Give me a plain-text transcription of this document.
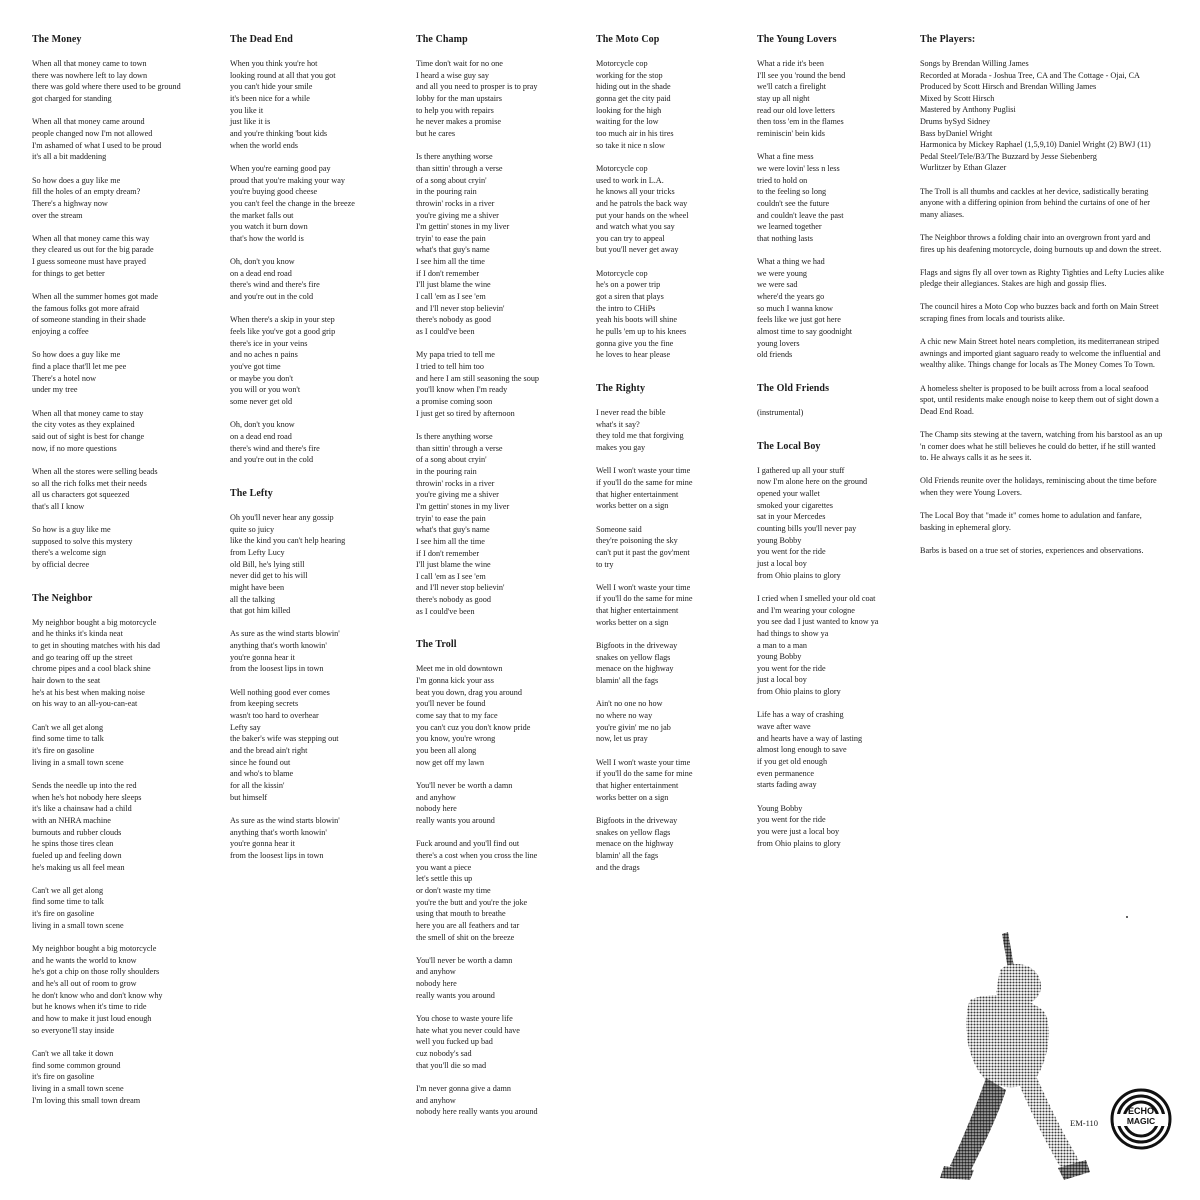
The Money
When all that money came to town
there was nowhere left to lay down
there was gold where there used to be ground
got charged for standing
When all that money came around
people changed now I'm not allowed
I'm ashamed of what I used to be proud
it's all a bit maddening
So how does a guy like me
fill the holes of an empty dream?
There's a highway now
over the stream
When all that money came this way
they cleared us out for the big parade
I guess someone must have prayed
for things to get better
When all the summer homes got made
the famous folks got more afraid
of someone standing in their shade
enjoying a coffee
So how does a guy like me
find a place that'll let me pee
There's a hotel now
under my tree
When all that money came to stay
the city votes as they explained
said out of sight is best for change
now, if no more questions
When all the stores were selling beads
so all the rich folks met their needs
all us characters got squeezed
that's all I know
So how is a guy like me
supposed to solve this mystery
there's a welcome sign
by official decree
The Neighbor
My neighbor bought a big motorcycle
and he thinks it's kinda neat
to get in shouting matches with his dad
and go tearing off up the street
chrome pipes and a cool black shine
hair down to the seat
he's at his best when making noise
on his way to an all-you-can-eat
Can't we all get along
find some time to talk
it's fire on gasoline
living in a small town scene
Sends the needle up into the red
when he's hot nobody here sleeps
it's like a chainsaw had a child
with an NHRA machine
burnouts and rubber clouds
he spins those tires clean
fueled up and feeling down
he's making us all feel mean
Can't we all get along
find some time to talk
it's fire on gasoline
living in a small town scene
My neighbor bought a big motorcycle
and he wants the world to know
he's got a chip on those rolly shoulders
and he's all out of room to grow
he don't know who and don't know why
but he knows when it's time to ride
and how to make it just loud enough
so everyone'll stay inside
Can't we all take it down
find some common ground
it's fire on gasoline
living in a small town scene
I'm loving this small town dream
The Dead End
When you think you're hot
looking round at all that you got
you can't hide your smile
it's been nice for a while
you like it
just like it is
and you're thinking 'bout kids
when the world ends
When you're earning good pay
proud that you're making your way
you're buying good cheese
you can't feel the change in the breeze
the market falls out
you watch it burn down
that's how the world is
Oh, don't you know
on a dead end road
there's wind and there's fire
and you're out in the cold
When there's a skip in your step
feels like you've got a good grip
there's ice in your veins
and no aches n pains
you've got time
or maybe you don't
you will or you won't
some never get old
Oh, don't you know
on a dead end road
there's wind and there's fire
and you're out in the cold
The Lefty
Oh you'll never hear any gossip
quite so juicy
like the kind you can't help hearing
from Lefty Lucy
old Bill, he's lying still
never did get to his will
might have been
all the talking
that got him killed
As sure as the wind starts blowin'
anything that's worth knowin'
you're gonna hear it
from the loosest lips in town
Well nothing good ever comes
from keeping secrets
wasn't too hard to overhear
Lefty say
the baker's wife was stepping out
and the bread ain't right
since he found out
and who's to blame
for all the kissin'
but himself
As sure as the wind starts blowin'
anything that's worth knowin'
you're gonna hear it
from the loosest lips in town
The Champ
Time don't wait for no one
I heard a wise guy say
and all you need to prosper is to pray
lobby for the man upstairs
to help you with repairs
he never makes a promise
but he cares
Is there anything worse
than sittin' through a verse
of a song about cryin'
in the pouring rain
throwin' rocks in a river
you're giving me a shiver
I'm gettin' stones in my liver
tryin' to ease the pain
what's that guy's name
I see him all the time
if I don't remember
I'll just blame the wine
I call 'em as I see 'em
and I'll never stop believin'
there's nobody as good
as I could've been
My papa tried to tell me
I tried to tell him too
and here I am still seasoning the soup
you'll know when I'm ready
a promise coming soon
I just get so tired by afternoon
Is there anything worse
than sittin' through a verse
of a song about cryin'
in the pouring rain
throwin' rocks in a river
you're giving me a shiver
I'm gettin' stones in my liver
tryin' to ease the pain
what's that guy's name
I see him all the time
if I don't remember
I'll just blame the wine
I call 'em as I see 'em
and I'll never stop believin'
there's nobody as good
as I could've been
The Troll
Meet me in old downtown
I'm gonna kick your ass
beat you down, drag you around
you'll never be found
come say that to my face
you can't cuz you don't know pride
you know, you're wrong
you been all along
now get off my lawn
You'll never be worth a damn
and anyhow
nobody here
really wants you around
Fuck around and you'll find out
there's a cost when you cross the line
you want a piece
let's settle this up
or don't waste my time
you're the butt and you're the joke
using that mouth to breathe
here you are all feathers and tar
the smell of shit on the breeze
You'll never be worth a damn
and anyhow
nobody here
really wants you around
You chose to waste youre life
hate what you never could have
well you fucked up bad
cuz nobody's sad
that you'll die so mad
I'm never gonna give a damn
and anyhow
nobody here really wants you around
The Moto Cop
Motorcycle cop
working for the stop
hiding out in the shade
gonna get the city paid
looking for the high
waiting for the low
too much air in his tires
so take it nice n slow
Motorcycle cop
used to work in L.A.
he knows all your tricks
and he patrols the back way
put your hands on the wheel
and watch what you say
you can try to appeal
but you'll never get away
Motorcycle cop
he's on a power trip
got a siren that plays
the intro to CHiPs
yeah his boots will shine
he pulls 'em up to his knees
gonna give you the fine
he loves to hear please
The Righty
I never read the bible
what's it say?
they told me that forgiving
makes you gay
Well I won't waste your time
if you'll do the same for mine
that higher entertainment
works better on a sign
Someone said
they're poisoning the sky
can't put it past the gov'ment
to try
Well I won't waste your time
if you'll do the same for mine
that higher entertainment
works better on a sign
Bigfoots in the driveway
snakes on yellow flags
menace on the highway
blamin' all the fags
Ain't no one no how
no where no way
you're givin' me no jab
now, let us pray
Well I won't waste your time
if you'll do the same for mine
that higher entertainment
works better on a sign
Bigfoots in the driveway
snakes on yellow flags
menace on the highway
blamin' all the fags
and the drags
The Young Lovers
What a ride it's been
I'll see you 'round the bend
we'll catch a firelight
stay up all night
read our old love letters
then toss 'em in the flames
reminiscin' bein kids
What a fine mess
we were lovin' less n less
tried to hold on
to the feeling so long
couldn't see the future
and couldn't leave the past
we learned together
that nothing lasts
What a thing we had
we were young
we were sad
where'd the years go
so much I wanna know
feels like we just got here
almost time to say goodnight
young lovers
old friends
The Old Friends
(instrumental)
The Local Boy
I gathered up all your stuff
now I'm alone here on the ground
opened your wallet
smoked your cigarettes
sat in your Mercedes
counting bills you'll never pay
young Bobby
you went for the ride
just a local boy
from Ohio plains to glory
I cried when I smelled your old coat
and I'm wearing your cologne
you see dad I just wanted to know ya
had things to show ya
a man to a man
young Bobby
you went for the ride
just a local boy
from Ohio plains to glory
Life has a way of crashing
wave after wave
and hearts have a way of lasting
almost long enough to save
if you get old enough
even permanence
starts fading away
Young Bobby
you went for the ride
you were just a local boy
from Ohio plains to glory
The Players:
Songs by Brendan Willing James
Recorded at Morada - Joshua Tree, CA and The Cottage - Ojai, CA
Produced by Scott Hirsch and Brendan Willing James
Mixed by Scott Hirsch
Mastered by Anthony Puglisi
Drums bySyd Sidney
Bass byDaniel Wright
Harmonica by Mickey Raphael (1,5,9,10) Daniel Wright (2) BWJ (11)
Pedal Steel/Tele/B3/The Buzzard by Jesse Siebenberg
Wurlitzer by Ethan Glazer

The Troll is all thumbs and cackles at her device, sadistically berating anyone with a differing opinion from behind the curtains of one of her many aliases.

The Neighbor throws a folding chair into an overgrown front yard and fires up his deafening motorcycle, doing burnouts up and down the street.

Flags and signs fly all over town as Righty Tighties and Lefty Lucies alike pledge their allegiances. Stakes are high and gossip flies.

The council hires a Moto Cop who buzzes back and forth on Main Street scraping fines from locals and tourists alike.

A chic new Main Street hotel nears completion, its mediterranean striped awnings and imported giant saguaro ready to welcome the influential and wealthy alike. Things change for locals as The Money Comes To Town.

A homeless shelter is proposed to be built across from a local seafood spot, until residents make enough noise to keep them out of sight down a Dead End Road.

The Champ sits stewing at the tavern, watching from his barstool as an up 'n comer does what he still believes he could do better, if he still wanted to. He always calls it as he sees it.

Old Friends reunite over the holidays, reminiscing about the time before when they were Young Lovers.

The Local Boy that "made it" comes home to adulation and fanfare, basking in ephemeral glory.

Barbs is based on a true set of stories, experiences and observations.

EM-110
ECHO
MAGIC
